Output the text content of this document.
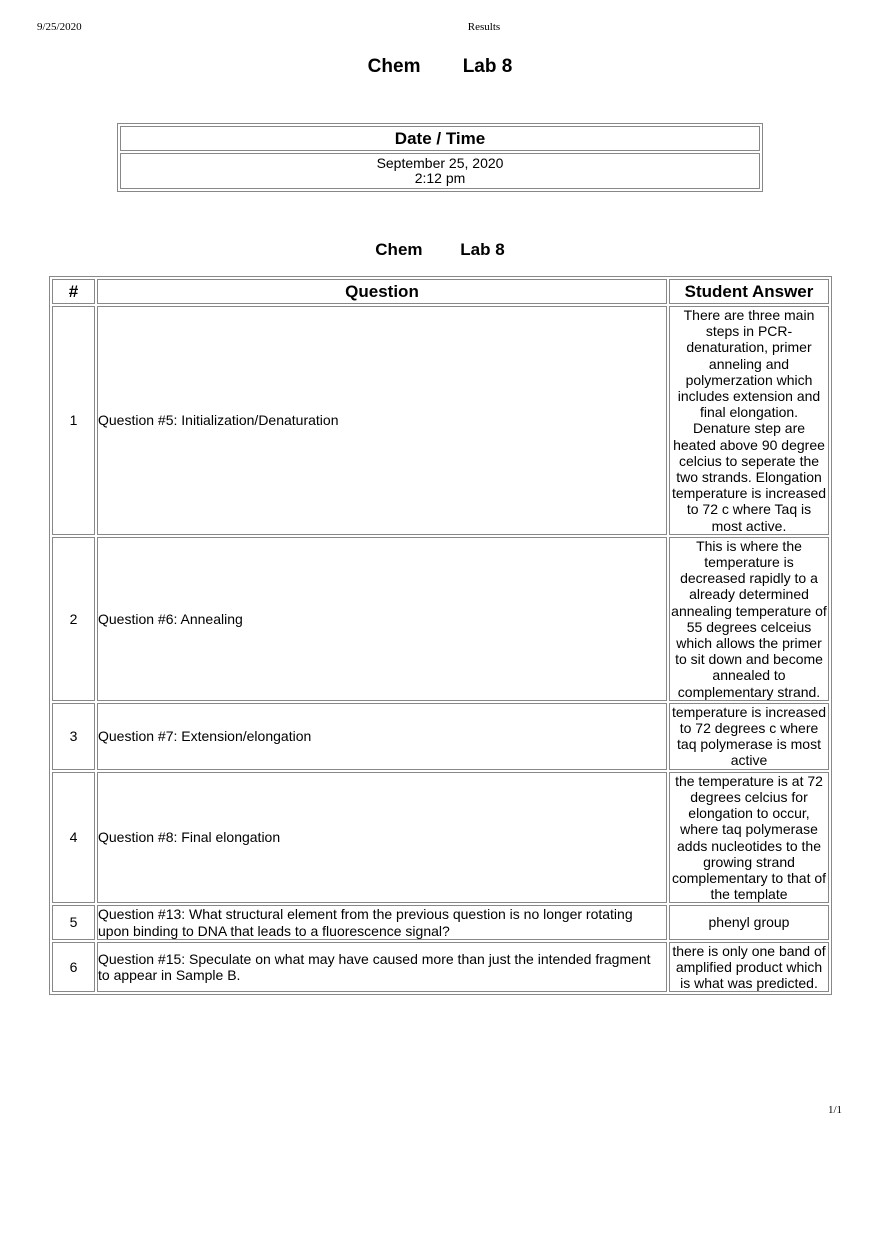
9/25/2020	Results
Chem        Lab 8
Date / Time

September 25, 2020
2:12 pm
Chem        Lab 8
#	Question	Student Answer
1	Question #5: Initialization/Denaturation	There are three main steps in PCR- denaturation, primer anneling and polymerzation which includes extension and final elongation. Denature step are heated above 90 degree celcius to seperate the two strands. Elongation temperature is increased to 72 c where Taq is most active.
2	Question #6: Annealing	This is where the temperature is decreased rapidly to a already determined annealing temperature of 55 degrees celceius which allows the primer to sit down and become annealed to complementary strand.
3	Question #7: Extension/elongation	temperature is increased to 72 degrees c where taq polymerase is most active
4	Question #8: Final elongation	the temperature is at 72 degrees celcius for elongation to occur, where taq polymerase adds nucleotides to the growing strand complementary to that of the template
5	Question #13: What structural element from the previous question is no longer rotating upon binding to DNA that leads to a fluorescence signal?	phenyl group
6	Question #15: Speculate on what may have caused more than just the intended fragment to appear in Sample B.	there is only one band of amplified product which is what was predicted.
1/1
